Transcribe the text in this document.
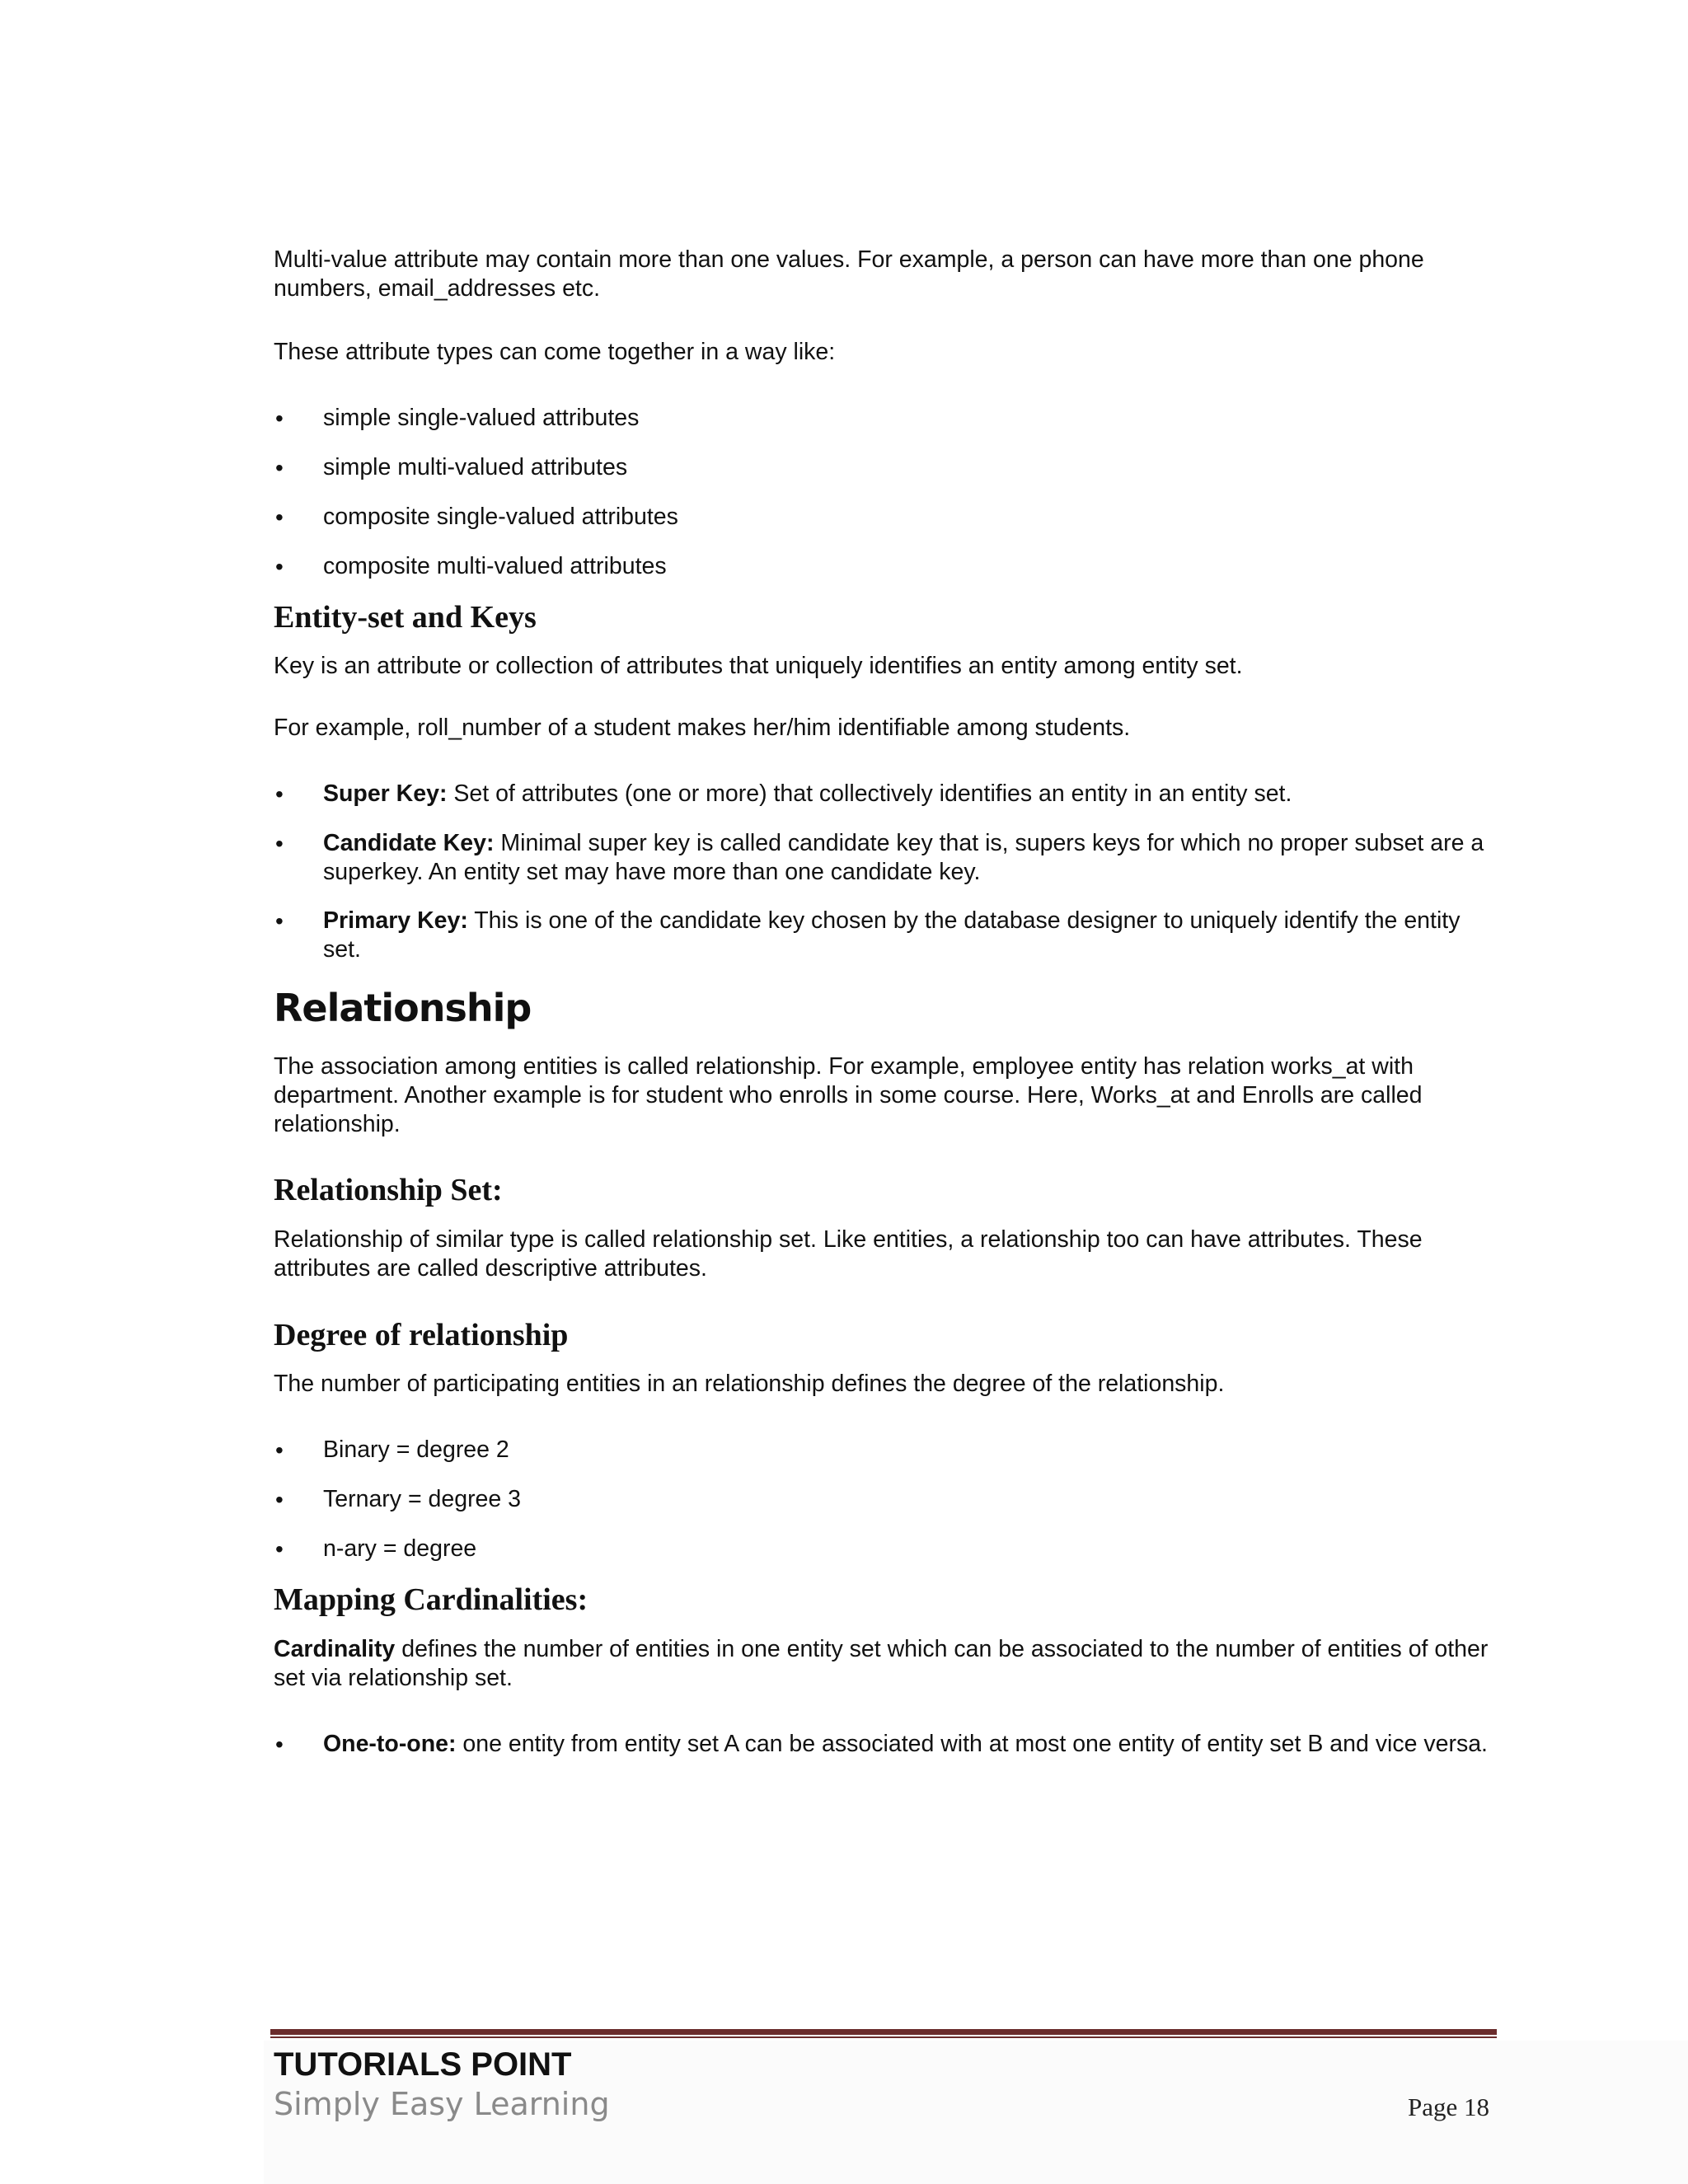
Multi-value attribute may contain more than one values. For example, a person can have more than one phone numbers, email_addresses etc.

These attribute types can come together in a way like:

• simple single-valued attributes
• simple multi-valued attributes
• composite single-valued attributes
• composite multi-valued attributes
Entity-set and Keys

Key is an attribute or collection of attributes that uniquely identifies an entity among entity set.

For example, roll_number of a student makes her/him identifiable among students.

• Super Key: Set of attributes (one or more) that collectively identifies an entity in an entity set.
• Candidate Key: Minimal super key is called candidate key that is, supers keys for which no proper subset are a superkey. An entity set may have more than one candidate key.
• Primary Key: This is one of the candidate key chosen by the database designer to uniquely identify the entity set.
Relationship

The association among entities is called relationship. For example, employee entity has relation works_at with department. Another example is for student who enrolls in some course. Here, Works_at and Enrolls are called relationship.

Relationship Set:

Relationship of similar type is called relationship set. Like entities, a relationship too can have attributes. These attributes are called descriptive attributes.

Degree of relationship

The number of participating entities in an relationship defines the degree of the relationship.

• Binary = degree 2
• Ternary = degree 3
• n-ary = degree
Mapping Cardinalities:

Cardinality defines the number of entities in one entity set which can be associated to the number of entities of other set via relationship set.

• One-to-one: one entity from entity set A can be associated with at most one entity of entity set B and vice versa.
TUTORIALS POINT
Simply Easy Learning	Page 18
